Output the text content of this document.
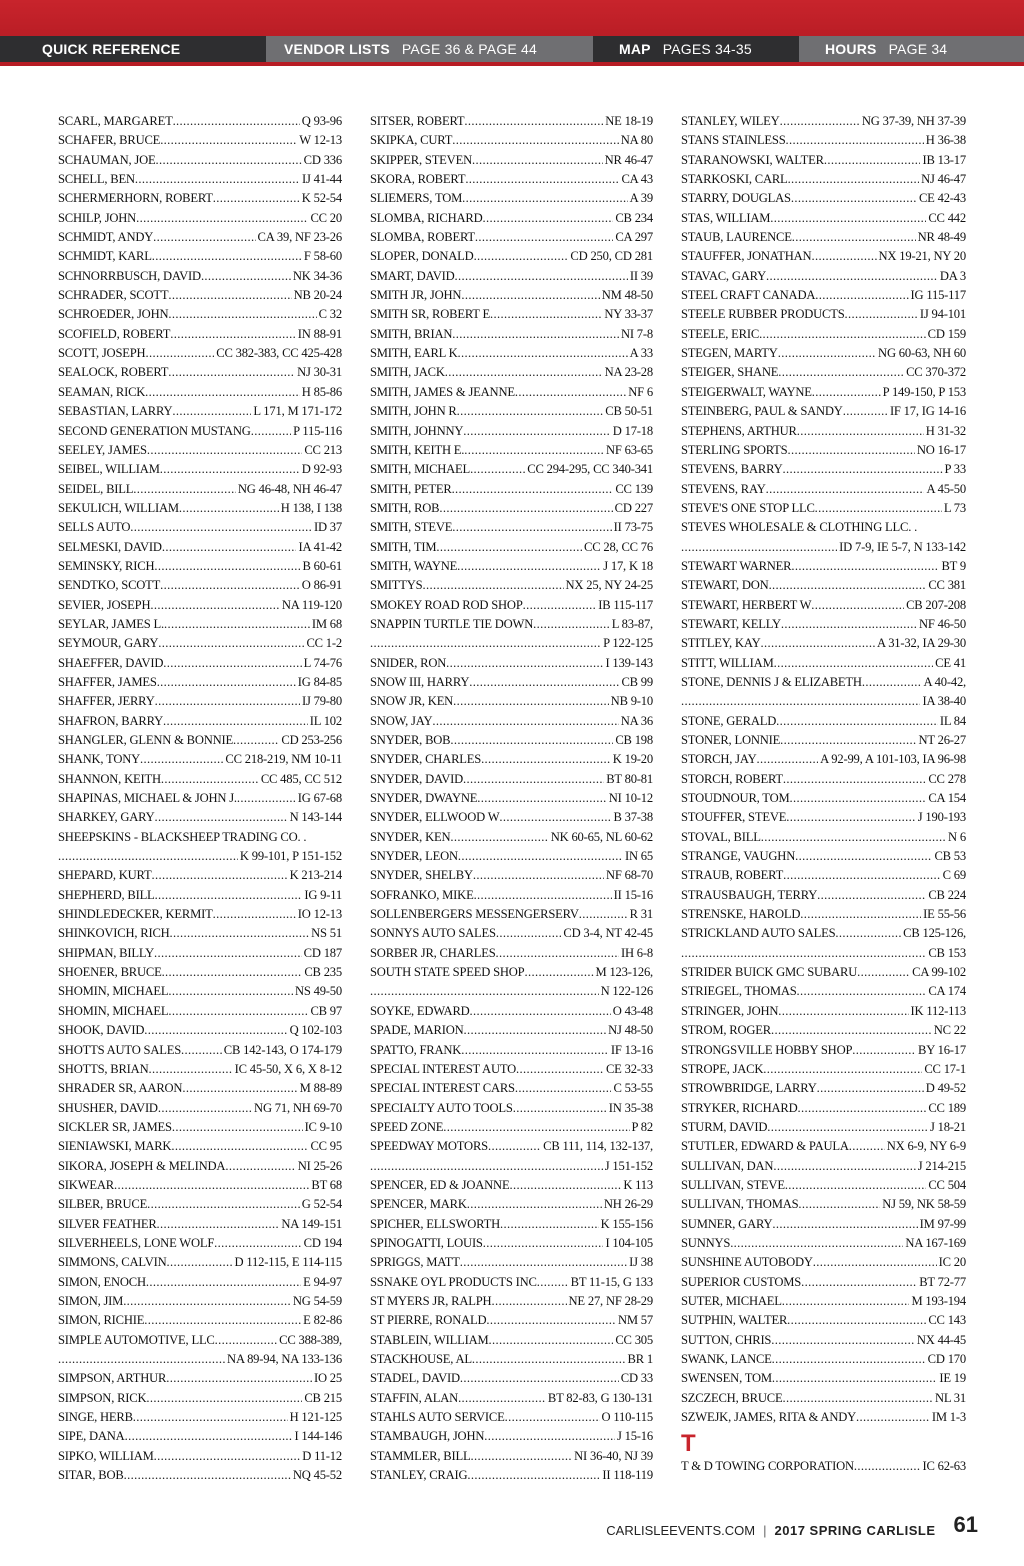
QUICK REFERENCE	VENDOR LISTS PAGE 36 & PAGE 44	MAP PAGES 34-35	HOURS PAGE 34
SCARL, MARGARET . . .	Q 93-96
SCHAFER, BRUCE . . .	W 12-13
SCHAUMAN, JOE . . .	CD 336
SCHELL, BEN . . .	IJ 41-44
SCHERMERHORN, ROBERT . . .	K 52-54
SCHILP, JOHN . . .	CC 20
SCHMIDT, ANDY . . .	CA 39, NF 23-26
SCHMIDT, KARL . . .	F 58-60
SCHNORRBUSCH, DAVID . . .	NK 34-36
SCHRADER, SCOTT . . .	NB 20-24
SCHROEDER, JOHN . . .	C 32
SCOFIELD, ROBERT . . .	IN 88-91
SCOTT, JOSEPH . . .	CC 382-383, CC 425-428
SEALOCK, ROBERT . . .	NJ 30-31
SEAMAN, RICK . . .	H 85-86
SEBASTIAN, LARRY . . .	L 171, M 171-172
SECOND GENERATION MUSTANG . . .	P 115-116
SEELEY, JAMES . . .	CC 213
SEIBEL, WILLIAM . . .	D 92-93
SEIDEL, BILL . . .	NG 46-48, NH 46-47
SEKULICH, WILLIAM . . .	H 138, I 138
SELLS AUTO . . .	ID 37
SELMESKI, DAVID . . .	IA 41-42
SEMINSKY, RICH . . .	B 60-61
SENDTKO, SCOTT . . .	O 86-91
SEVIER, JOSEPH . . .	NA 119-120
SEYLAR, JAMES L. . . .	IM 68
SEYMOUR, GARY . . .	CC 1-2
SHAEFFER, DAVID . . .	L 74-76
SHAFFER, JAMES . . .	IG 84-85
SHAFFER, JERRY . . .	IJ 79-80
SHAFRON, BARRY . . .	IL 102
SHANGLER, GLENN & BONNIE . . .	CD 253-256
SHANK, TONY . . .	CC 218-219, NM 10-11
SHANNON, KEITH . . .	CC 485, CC 512
SHAPINAS, MICHAEL & JOHN J. . . .	IG 67-68
SHARKEY, GARY . . .	N 143-144
SHEEPSKINS - BLACKSHEEP TRADING CO . .
. . .
K 99-101, P 151-152
SHEPARD, KURT . . .	K 213-214
SHEPHERD, BILL . . .	IG 9-11
SHINDLEDECKER, KERMIT . . .	IO 12-13
SHINKOVICH, RICH . . .	NS 51
SHIPMAN, BILLY . . .	CD 187
SHOENER, BRUCE . . .	CB 235
SHOMIN, MICHAEL . . .	NS 49-50
SHOMIN, MICHAEL . . .	CB 97
SHOOK, DAVID . . .	Q 102-103
SHOTTS AUTO SALES . . .	CB 142-143, O 174-179
SHOTTS, BRIAN . . .	IC 45-50, X 6, X 8-12
SHRADER SR, AARON . . .	M 88-89
SHUSHER, DAVID . . .	NG 71, NH 69-70
SICKLER SR, JAMES . . .	IC 9-10
SIENIAWSKI, MARK . . .	CC 95
SIKORA, JOSEPH & MELINDA . . .	NI 25-26
SIKWEAR . . .	BT 68
SILBER, BRUCE . . .	G 52-54
SILVER FEATHER . . .	NA 149-151
SILVERHEELS, LONE WOLF . . .	CD 194
SIMMONS, CALVIN . . .	D 112-115, E 114-115
SIMON, ENOCH . . .	E 94-97
SIMON, JIM . . .	NG 54-59
SIMON, RICHIE . . .	E 82-86
SIMPLE AUTOMOTIVE, LLC . . .	CC 388-389,
. . .
NA 89-94, NA 133-136
SIMPSON, ARTHUR . . .	IO 25
SIMPSON, RICK . . .	CB 215
SINGE, HERB . . .	H 121-125
SIPE, DANA . . .	I 144-146
SIPKO, WILLIAM . . .	D 11-12
SITAR, BOB . . .	NQ 45-52
SITSER, ROBERT . . .	NE 18-19
SKIPKA, CURT . . .	NA 80
SKIPPER, STEVEN . . .	NR 46-47
SKORA, ROBERT . . .	CA 43
SLIEMERS, TOM . . .	A 39
SLOMBA, RICHARD . . .	CB 234
SLOMBA, ROBERT . . .	CA 297
SLOPER, DONALD . . .	CD 250, CD 281
SMART, DAVID . . .	II 39
SMITH JR, JOHN . . .	NM 48-50
SMITH SR, ROBERT E . . .	NY 33-37
SMITH, BRIAN . . .	NI 7-8
SMITH, EARL K . . .	A 33
SMITH, JACK . . .	NA 23-28
SMITH, JAMES & JEANNE . . .	NF 6
SMITH, JOHN R . . .	CB 50-51
SMITH, JOHNNY . . .	D 17-18
SMITH, KEITH E. . . .	NF 63-65
SMITH, MICHAEL . . .	CC 294-295, CC 340-341
SMITH, PETER . . .	CC 139
SMITH, ROB . . .	CD 227
SMITH, STEVE . . .	II 73-75
SMITH, TIM . . .	CC 28, CC 76
SMITH, WAYNE . . .	J 17, K 18
SMITTYS . . .	NX 25, NY 24-25
SMOKEY ROAD ROD SHOP . . .	IB 115-117
SNAPPIN TURTLE TIE DOWN . . .	L 83-87,
. . .
P 122-125
SNIDER, RON . . .	I 139-143
SNOW III, HARRY . . .	CB 99
SNOW JR, KEN . . .	NB 9-10
SNOW, JAY . . .	NA 36
SNYDER, BOB . . .	CB 198
SNYDER, CHARLES . . .	K 19-20
SNYDER, DAVID . . .	BT 80-81
SNYDER, DWAYNE . . .	NI 10-12
SNYDER, ELLWOOD W . . .	B 37-38
SNYDER, KEN . . .	NK 60-65, NL 60-62
SNYDER, LEON . . .	IN 65
SNYDER, SHELBY . . .	NF 68-70
SOFRANKO, MIKE . . .	II 15-16
SOLLENBERGERS MESSENGERSERV . . .	R 31
SONNYS AUTO SALES . . .	CD 3-4, NT 42-45
SORBER JR, CHARLES . . .	IH 6-8
SOUTH STATE SPEED SHOP . . .	M 123-126,
. . .
N 122-126
SOYKE, EDWARD . . .	O 43-48
SPADE, MARION . . .	NJ 48-50
SPATTO, FRANK . . .	IF 13-16
SPECIAL INTEREST AUTO . . .	CE 32-33
SPECIAL INTEREST CARS . . .	C 53-55
SPECIALTY AUTO TOOLS . . .	IN 35-38
SPEED ZONE . . .	P 82
SPEEDWAY MOTORS . . .	CB 111, 114, 132-137,
. . .
J 151-152
SPENCER, ED & JOANNE . . .	K 113
SPENCER, MARK . . .	NH 26-29
SPICHER, ELLSWORTH . . .	K 155-156
SPINOGATTI, LOUIS . . .	I 104-105
SPRIGGS, MATT . . .	IJ 38
SSNAKE OYL PRODUCTS INC . . .	BT 11-15, G 133
ST MYERS JR, RALPH . . .	NE 27, NF 28-29
ST PIERRE, RONALD . . .	NM 57
STABLEIN, WILLIAM . . .	CC 305
STACKHOUSE, AL . . .	BR 1
STADEL, DAVID . . .	CD 33
STAFFIN, ALAN . . .	BT 82-83, G 130-131
STAHLS AUTO SERVICE . . .	O 110-115
STAMBAUGH, JOHN . . .	J 15-16
STAMMLER, BILL . . .	NI 36-40, NJ 39
STANLEY, CRAIG . . .	II 118-119
STANLEY, WILEY . . .	NG 37-39, NH 37-39
STANS STAINLESS . . .	H 36-38
STARANOWSKI, WALTER . . .	IB 13-17
STARKOSKI, CARL . . .	NJ 46-47
STARRY, DOUGLAS . . .	CE 42-43
STAS, WILLIAM . . .	CC 442
STAUB, LAURENCE . . .	NR 48-49
STAUFFER, JONATHAN . . .	NX 19-21, NY 20
STAVAC, GARY . . .	DA 3
STEEL CRAFT CANADA . . .	IG 115-117
STEELE RUBBER PRODUCTS . . .	IJ 94-101
STEELE, ERIC . . .	CD 159
STEGEN, MARTY . . .	NG 60-63, NH 60
STEIGER, SHANE . . .	CC 370-372
STEIGERWALT, WAYNE . . .	P 149-150, P 153
STEINBERG, PAUL & SANDY . . .	IF 17, IG 14-16
STEPHENS, ARTHUR . . .	H 31-32
STERLING SPORTS . . .	NO 16-17
STEVENS, BARRY . . .	P 33
STEVENS, RAY . . .	A 45-50
STEVE'S ONE STOP LLC . . .	L 73
STEVES WHOLESALE & CLOTHING LLC . .
. . .
ID 7-9, IE 5-7, N 133-142
STEWART WARNER . . .	BT 9
STEWART, DON . . .	CC 381
STEWART, HERBERT W . . .	CB 207-208
STEWART, KELLY . . .	NF 46-50
STITLEY, KAY . . .	A 31-32, IA 29-30
STITT, WILLIAM . . .	CE 41
STONE, DENNIS J & ELIZABETH . . .	A 40-42,
. . .
IA 38-40
STONE, GERALD . . .	IL 84
STONER, LONNIE . . .	NT 26-27
STORCH, JAY . . .	A 92-99, A 101-103, IA 96-98
STORCH, ROBERT . . .	CC 278
STOUDNOUR, TOM . . .	CA 154
STOUFFER, STEVE . . .	J 190-193
STOVAL, BILL . . .	N 6
STRANGE, VAUGHN . . .	CB 53
STRAUB, ROBERT . . .	C 69
STRAUSBAUGH, TERRY . . .	CB 224
STRENSKE, HAROLD . . .	IE 55-56
STRICKLAND AUTO SALES . . .	CB 125-126,
. . .
CB 153
STRIDER BUICK GMC SUBARU . . .	CA 99-102
STRIEGEL, THOMAS . . .	CA 174
STRINGER, JOHN . . .	IK 112-113
STROM, ROGER . . .	NC 22
STRONGSVILLE HOBBY SHOP . . .	BY 16-17
STROPE, JACK . . .	CC 17-1
STROWBRIDGE, LARRY . . .	D 49-52
STRYKER, RICHARD . . .	CC 189
STURM, DAVID . . .	J 18-21
STUTLER, EDWARD & PAULA . . .	NX 6-9, NY 6-9
SULLIVAN, DAN . . .	J 214-215
SULLIVAN, STEVE . . .	CC 504
SULLIVAN, THOMAS . . .	NJ 59, NK 58-59
SUMNER, GARY . . .	IM 97-99
SUNNYS . . .	NA 167-169
SUNSHINE AUTOBODY . . .	IC 20
SUPERIOR CUSTOMS . . .	BT 72-77
SUTER, MICHAEL . . .	M 193-194
SUTPHIN, WALTER . . .	CC 143
SUTTON, CHRIS . . .	NX 44-45
SWANK, LANCE . . .	CD 170
SWENSEN, TOM . . .	IE 19
SZCZECH, BRUCE . . .	NL 31
SZWEJK, JAMES, RITA & ANDY . . .	IM 1-3
T
T & D TOWING CORPORATION . . .	IC 62-63
CARLISLEEVENTS.COM | 2017 SPRING CARLISLE 61
